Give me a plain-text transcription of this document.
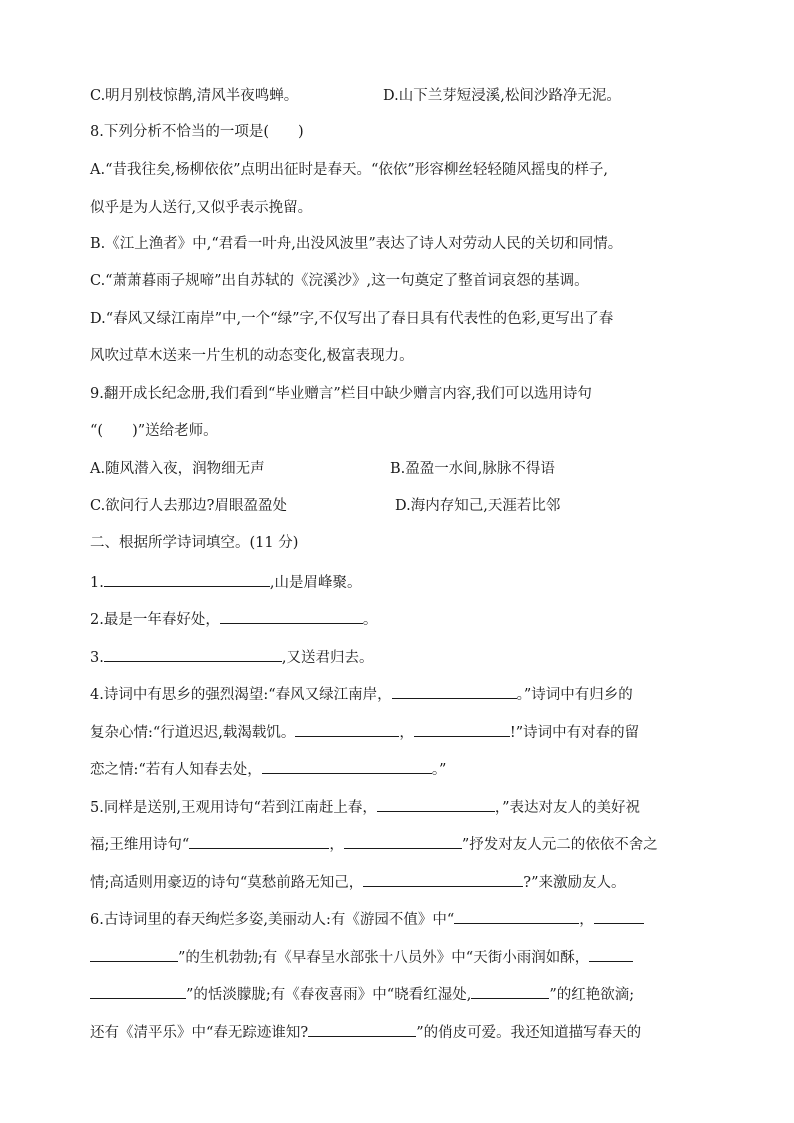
C.明月别枝惊鹊,清风半夜鸣蝉。	D.山下兰芽短浸溪,松间沙路净无泥。
8.下列分析不恰当的一项是(　　)
A.“昔我往矣,杨柳依依”点明出征时是春天。“依依”形容柳丝轻轻随风摇曳的样子,
似乎是为人送行,又似乎表示挽留。
B.《江上渔者》中,“君看一叶舟,出没风波里”表达了诗人对劳动人民的关切和同情。
C.“萧萧暮雨子规啼”出自苏轼的《浣溪沙》,这一句奠定了整首词哀怨的基调。
D.“春风又绿江南岸”中,一个“绿”字,不仅写出了春日具有代表性的色彩,更写出了春
风吹过草木送来一片生机的动态变化,极富表现力。
9.翻开成长纪念册,我们看到“毕业赠言”栏目中缺少赠言内容,我们可以选用诗句
“(　　)”送给老师。
A.随风潜入夜，润物细无声	B.盈盈一水间,脉脉不得语
C.欲问行人去那边?眉眼盈盈处	D.海内存知己,天涯若比邻
二、根据所学诗词填空。(11 分)
1.	,山是眉峰聚。
2.最是一年春好处，	。
3.	,又送君归去。
4.诗词中有思乡的强烈渴望:“春风又绿江南岸，	。”诗词中有归乡的
复杂心情:“行道迟迟,载渴载饥。	，	!”诗词中有对春的留
恋之情:“若有人知春去处，	。”
5.同样是送别,王观用诗句“若到江南赶上春，	，”表达对友人的美好祝
福;王维用诗句“	，	”抒发对友人元二的依依不舍之
情;高适则用豪迈的诗句“莫愁前路无知己，	?”来激励友人。
6.古诗词里的春天绚烂多姿,美丽动人:有《游园不值》中“	，
”的生机勃勃;有《早春呈水部张十八员外》中“天街小雨润如酥，
”的恬淡朦胧;有《春夜喜雨》中“晓看红湿处,	”的红艳欲滴;
还有《清平乐》中“春无踪迹谁知?	”的俏皮可爱。我还知道描写春天的
